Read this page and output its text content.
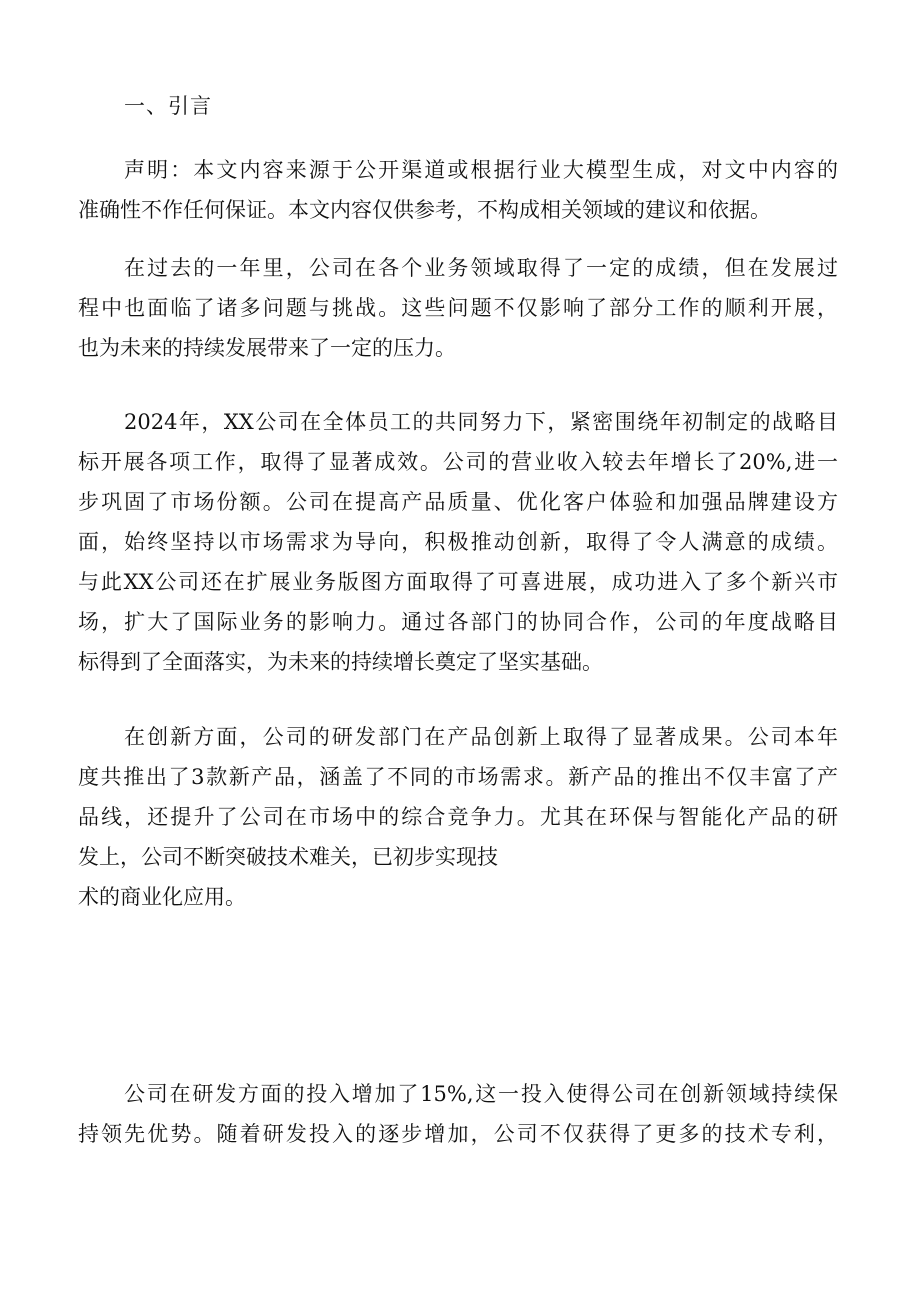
一、引言
声明：本文内容来源于公开渠道或根据行业大模型生成，对文中内容的
准确性不作任何保证。本文内容仅供参考，不构成相关领域的建议和依据。
在过去的一年里，公司在各个业务领域取得了一定的成绩，但在发展过
程中也面临了诸多问题与挑战。这些问题不仅影响了部分工作的顺利开展，
也为未来的持续发展带来了一定的压力。
2024年，XX公司在全体员工的共同努力下，紧密围绕年初制定的战略目
标开展各项工作，取得了显著成效。公司的营业收入较去年增长了20%,进一
步巩固了市场份额。公司在提高产品质量、优化客户体验和加强品牌建设方
面，始终坚持以市场需求为导向，积极推动创新，取得了令人满意的成绩。
与此XX公司还在扩展业务版图方面取得了可喜进展，成功进入了多个新兴市
场，扩大了国际业务的影响力。通过各部门的协同合作，公司的年度战略目
标得到了全面落实，为未来的持续增长奠定了坚实基础。
在创新方面，公司的研发部门在产品创新上取得了显著成果。公司本年
度共推出了3款新产品，涵盖了不同的市场需求。新产品的推出不仅丰富了产
品线，还提升了公司在市场中的综合竞争力。尤其在环保与智能化产品的研
发上，公司不断突破技术难关，已初步实现技
术的商业化应用。
公司在研发方面的投入增加了15%,这一投入使得公司在创新领域持续保
持领先优势。随着研发投入的逐步增加，公司不仅获得了更多的技术专利，
